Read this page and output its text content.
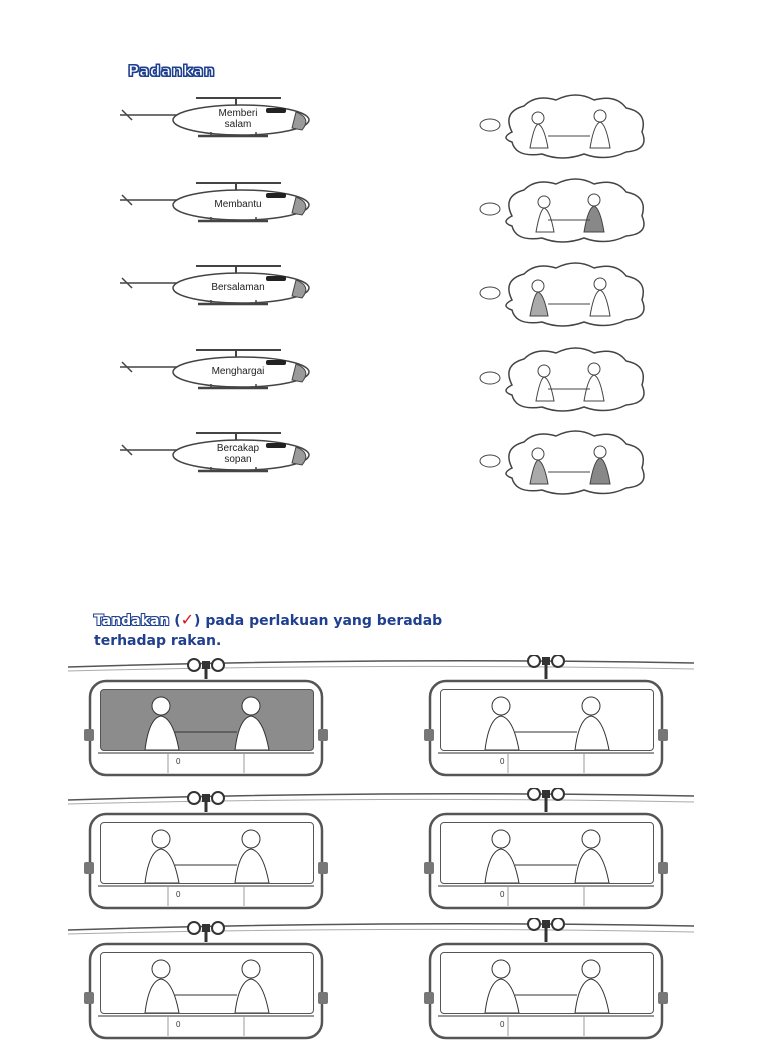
Padankan
Memberi
salam
Membantu
Bersalaman
Menghargai
Bercakap
sopan
Tandakan (✓) pada perlakuan yang beradab
terhadap rakan.
0	0
0	0
0	0
